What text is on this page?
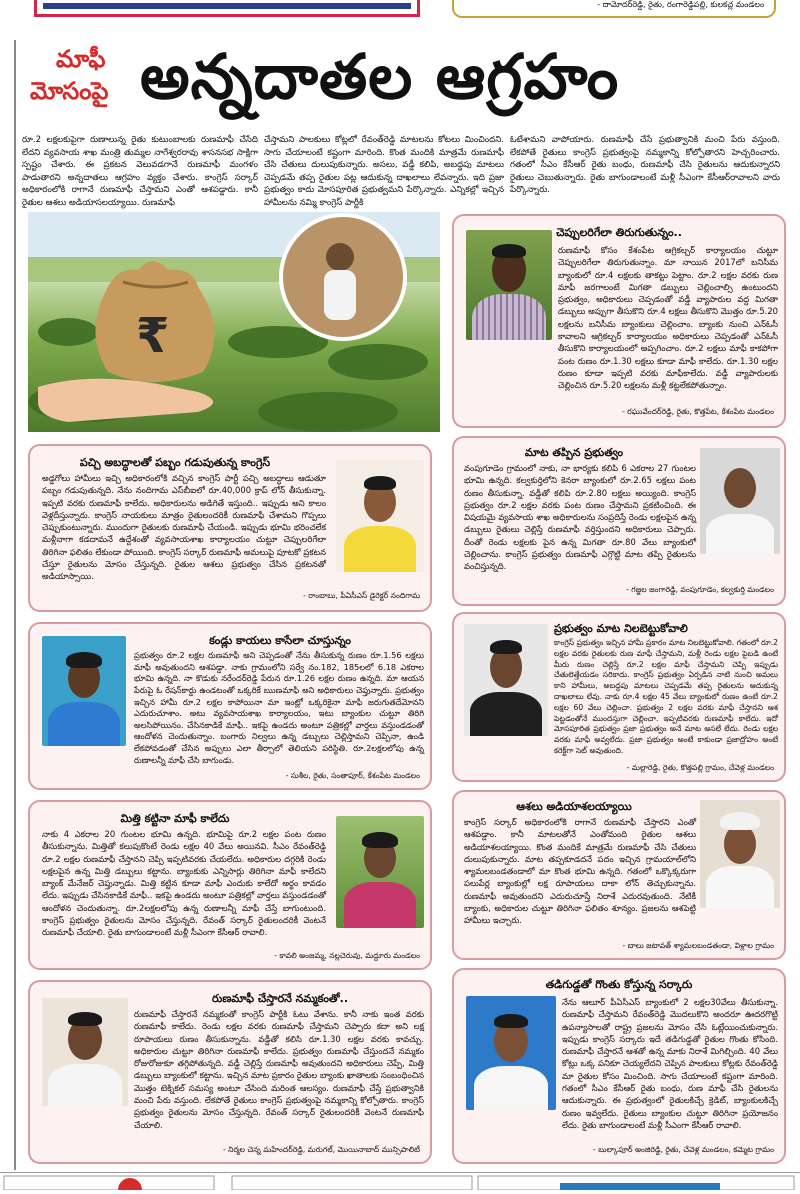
- దామోదర్‌రెడ్డి, రైతు, రంగారెడ్డిపల్లి, కులకచ్ల మండలం
మాఫీ
మోసంపై అన్నదాతల ఆగ్రహం
రూ.2 లక్షలకుపైగా రుణాలున్న రైతు కుటుంబాలకు రుణమాఫీ చేసేది లేదని వ్యవసాయ శాఖ మంత్రి తుమ్మల నాగేశ్వరరావు శాసనసభ సాక్షిగా స్పష్టం చేశారు. ఈ ప్రకటన వెలువడగానే రుణమాఫీ మంగళం పాడుతారని అన్నదాతలు ఆగ్రహం వ్యక్తం చేశారు. కాంగ్రెస్ సర్కార్ అధికారంలోకి రాగానే రుణమాఫీ చేస్తామని ఎంతో ఆశపడ్డారు. కానీ రైతుల ఆశలు అడియాసలయ్యాయి. రుణమాఫీ
చేస్తామని పాలకులు కోట్లలో రేవంత్‌రెడ్డి మాటలను కోటలు మించిందని. సాగు చేయాలంటే కష్టంగా మారింది. కొంత మందికి మాత్రమే రుణమాఫీ చేసి చేతులు దులుపుకున్నారు. అసలు, వడ్డీ కలిపి, అబద్ధపు మాటలు చెప్పడమే తప్ప రైతుల పట్ల ఆదుకున్న దాఖలాలు లేవన్నారు. ఇది ప్రజా ప్రభుత్వం కాదు మోసపూరిత ప్రభుత్వమని పేర్కొన్నారు. ఎన్నికల్లో ఇచ్చిన హామీలను నమ్మి కాంగ్రెస్ పార్టీకి
ఓటేశామని వాపోయారు. రుణమాఫీ చేసే ప్రభుత్వానికి మంచి పేరు వస్తుంది. లేకపోతే రైతులు కాంగ్రెస్ ప్రభుత్వంపై నమ్మకాన్ని కోల్పోతారని హెచ్చరించారు. గతంలో సీఎం కేసీఆర్ రైతు బంధు, రుణమాఫీ చేసి రైతులను ఆదుకున్నారని రైతులు చెబుతున్నారు. రైతు బాగుండాలంటే మళ్లీ సీఎంగా కేసీఆర్‌రావాలని వారు పేర్కొన్నారు.
₹
చెప్పులరిగేలా తిరుగుతున్నం..

రుణమాఫీ కోసం కేశంపేట ఆగ్రికల్చర్ కార్యాలయం చుట్టూ చెప్పులరిగేలా తిరుగుతున్నాం. మా నాయిన 2017లో బనిసీమ బ్యాంకులో రూ.4 లక్షలకు తాకట్టు పెట్టాం. రూ.2 లక్షల వరకు రుణ మాఫీ జరగాలంటే మిగతా డబ్బులు చెల్లించాల్సి ఉంటుందని ప్రభుత్వం, అధికారులు చెప్పడంతో వడ్డీ వ్యాపారుల వద్ద మిగతా డబ్బులు అప్పుగా తీసుకొని రూ.4 లక్షలు తీసుకొని మొత్తం రూ.5.20 లక్షలను బనిసీమ బ్యాంకులు చెల్లించాం. బ్యాంకు నుంచి ఎన్‌ఓసీ కావాలని ఆగ్రికల్చర్ కార్యాలయం అధికారులు చెప్పడంతో ఎన్‌ఓసీ తీసుకొని కార్యాలయంలో అప్పగించాం. రూ.2 లక్షలు మాఫీ కాకపోగా పంట రుణం రూ.1.30 లక్షలు కూడా మాఫీ కాలేదు. రూ.1.30 లక్షల రుణం కూడా ఇప్పటి వరకు మాఫీకాలేదు. వడ్డీ వ్యాపారులకు చెల్లించిన రూ.5.20 లక్షలను మళ్లీ కట్టలేకపోతున్నాం.

- రఘువేందర్‌రెడ్డి, రైతు, కొత్తపేట, కేశంపేట మండలం
పచ్చి అబద్ధాలతో పబ్బం గడుపుతున్న కాంగ్రెస్

అడ్డగోలు హామీలు ఇచ్చి అధికారంలోకి వచ్చిన కాంగ్రెస్ పార్టీ పచ్చి అబద్ధాలు ఆడుతూ పబ్బం గడుపుతున్నది. నేను నందిగామ ఎస్‌బీఐలో రూ.40,000 క్రాప్ లోన్ తీసుకున్నా. ఇప్పటి వరకు రుణమాఫీ కాలేదు. అధికారులను అడిగితే ఇస్తుంది.. ఇప్పుడు అని కాలం వెళ్లదీస్తున్నారు. కాంగ్రెస్ నాయకులు మాత్రం రైతులందరికీ రుణమాఫీ చేశామని గొప్పలు చెప్పుకుంటున్నారు. ముందుగా రైతులకు రుణమాఫీ చేయండి. ఇప్పుడు భూమి భరించలేక మళ్లీనాగా కడదామనే ఉద్దేశంతో వ్యవసాయశాఖ కార్యాలయం చుట్టూ చెప్పులరిగేలా తిరిగినా ఫలితం లేకుండా పోయింది. కాంగ్రెస్ సర్కార్ రుణమాఫీ అమలుపై పూటకో ప్రకటన చేస్తూ రైతులను మోసం చేస్తున్నది. రైతుల ఆశలు ప్రభుత్వం చేసిన ప్రకటనతో అడియాస్సాయి.

- రాంబాబు, పీఏసీఎస్ డైరెక్టర్ నందిగామ
మాట తప్పిన ప్రభుత్వం

వంపుగూడెం గ్రామంలో నాకు, నా భార్యకు కలిపి 6 ఎకరాల 27 గుంటల భూమి ఉన్నది. కల్వకుర్తిలోని కెనరా బ్యాంకులో రూ.2.65 లక్షలు పంట రుణం తీసుకున్నా. వడ్డీతో కలిపి రూ.2.80 లక్షలు అయ్యింది. కాంగ్రెస్ ప్రభుత్వం రూ.2 లక్షల వరకు పంట రుణం చేస్తామని ప్రకటించింది. ఈ విషయమై వ్యవసాయ శాఖ అధికారులను సంప్రదిస్తే రెండు లక్షలపైన ఉన్న డబ్బులు రైతులు చెల్లిస్తే రుణమాఫీ వర్తిస్తుందని అధికారులు చెప్పారు. దీంతో రెండు లక్షలకు పైన ఉన్న మిగతా రూ.80 వేలు బ్యాంకులో చెల్లించాను. కాంగ్రెస్ ప్రభుత్వం రుణమాఫీ ఎగ్గొట్టి మాట తప్పి రైతులను వంచిస్తున్నది.

- గజ్జల జంగారెడ్డి, వంపుగూడెం, కల్వకుర్తి మండలం
కండ్లు కాయలు కాసేలా చూస్తున్నం

ప్రభుత్వం రూ.2 లక్షల రుణమాఫీ అని చెప్పడంతో నేను తీసుకున్న రుణం రూ.1.56 లక్షలు మాఫీ అవుతుందని ఆశపడ్డా. నాకు గ్రామంలోని సర్వే నం.182, 185లలో 6.18 ఎకరాల భూమి ఉన్నది. నా కొడుకు నరేందర్‌రెడ్డి పేరున రూ.1.26 లక్షల రుణం ఉన్నది. మా ఆయన పేరుపై ఓ రేషన్‌కార్డు ఉండటంతో ఒక్కరికే ఋణమాఫీ అని అధికారులు చెప్తున్నారు. ప్రభుత్వం ఇచ్చిన హామీ రూ.2 లక్షల కాపోయినా మా ఇంట్లో ఒక్కరికైనా మాఫీ జరుగుతదేమోనని ఎదురుచూశాం. అటు వ్యవసాయశాఖ కార్యాలయం, ఇటు బ్యాంకుల చుట్టూ తిరిగి అలసిపోయినం. చేసినకాడికే మాఫీ.. ఇకపై ఉండదు అంటూ పత్రికల్లో వార్తలు వస్తుండడంతో ఆందోళన చెందుతున్నాం. బంగారు నిల్వలు ఉన్న డబ్బులు చెల్లిస్తామని చెప్పినా, ఉండి లేకపోవడంతో చేసిన అప్పులు ఎలా తీర్చాలో తెలియని పరిస్థితి. రూ.2లక్షలలోపు ఉన్న రుణాలన్నీ మాఫీ చేసి బాగుండు.

- సుశీల, రైతు, సంతాపూర్, కేశంపేట మండలం
ప్రభుత్వం మాట నిలబెట్టుకోవాలి

కాంగ్రెస్ ప్రభుత్వం ఇచ్చిన హామీ ప్రకారం మాట నిలబెట్టుకోవాలి. గతంలో రూ.2 లక్షల వరకు రైతులకు రుణ మాఫీ చేస్తామని, మళ్లీ రెండు లక్షల పైబడి ఉంటే మీరు రుణం చెల్లిస్తే రూ.2 లక్షల మాఫీ చేస్తామని చెప్పి ఇప్పుడు చేతులెత్తేయడం సరికాదు. కాంగ్రెస్ ప్రభుత్వం ఏర్పడిన నాటి నుంచి అమలు కాని హామీలు, అబద్ధపు మాటలు చెప్పడమే తప్ప రైతులను ఆదుకున్న దాఖలాలు లేవు. నాకు రూ.4 లక్షల 45 వేలు బ్యాంకులో రుణం ఉంటే రూ.2 లక్షల 60 వేలు చెల్లించా. ప్రభుత్వం 2 లక్షల వరకు మాఫీ చేస్తానని ఆశ పెట్టడంతోనే ముందస్తుగా చెల్లించా. ఇప్పటివరకు రుణమాఫీ కాలేదు. ఇదో మోసపూరిత ప్రభుత్వం ప్రజా ప్రభుత్వం అనే మాట అసలే లేదు. రెండు లక్షల వరకు మాఫీ అవ్వలేదు. ప్రజా ప్రభుత్వం అంటే కాకుండా ప్రజాద్రోహం అంటే కరెక్ట్‌గా సెట్ అవుతుంది.

- మల్లారెడ్డి, రైతు, కొత్తపల్లి గ్రామం, చేవెళ్ల మండలం
మిత్తి కట్టినా మాఫీ కాలేదు

నాకు 4 ఎకరాల 20 గుంటల భూమి ఉన్నది. భూమిపై రూ.2 లక్షల పంట రుణం తీసుకున్నాను. మిత్తితో కలుపుకొంటే రెండు లక్షల 40 వేలు అయినవి. సీఎం రేవంత్‌రెడ్డి రూ.2 లక్షల రుణమాఫీ చేస్తానని చెప్పి ఇప్పటివరకు చేయలేదు. అధికారుల దగ్గరికి రెండు లక్షలపైన ఉన్న మిత్తి డబ్బులు కట్టాను. బ్యాంకుకు ఎన్నిసార్లు తిరిగినా మాఫీ కాలేదని బ్యాంక్ మేనేజర్ చెప్తున్నాడు. మిత్తి కట్టిన కూడా మాఫీ ఎందుకు కాలేదో అర్థం కావడం లేదు. ఇప్పుడు చేసినకాడికే మాఫీ.. ఇకపై ఉండదు అంటూ పత్రికల్లో వార్తలు వస్తుండడంతో ఆందోళన చెందుతున్నా. రూ.2లక్షలలోపు ఉన్న రుణాలన్నీ మాఫీ చేస్తే బాగుంటుంది. కాంగ్రెస్ ప్రభుత్వం రైతులను మోసం చేస్తున్నది. రేవంత్ సర్కార్ రైతులందరికీ వెంటనే రుణమాఫీ చేయాలి. రైతు బాగుండాలంటే మళ్లీ సీఎంగా కేసీఆర్ రావాలి.

- కావలి అంజమ్మ, నల్లచెరువు, మద్దూరు మండలం
ఆశలు అడియాశలయ్యాయి

కాంగ్రెస్ సర్కార్ అధికారంలోకి రాగానే రుణమాఫీ చేస్తారని ఎంతో ఆశపడ్డాం. కానీ మాటలతోనే ఎంతోమంది రైతుల ఆశలు అడియాశలయ్యాయి. కొంత మందికే మాత్రమే రుణమాఫీ చేసి చేతులు దులుపుకున్నారు. మాట తప్పకూడదనే పదం ఇచ్చిన గ్రామయాల్‌లోని శ్యామలబండతండాలో మా కొంత భూమి ఉన్నది. గతంలో ఒక్కొక్కరుగా పలుపేర్ల బ్యాంకుల్లో లక్ష రూపాయలు దాకా లోన్ తెచ్చుకున్నాను. రుణమాఫీ అవుతుందని ఎదురుచూస్తే నిరాశే ఎదురవుతుంది. నేటికీ బ్యాంకు, అధికారుల చుట్టూ తిరిగినా ఫలితం శూన్యం. ప్రజలను ఆశపెట్టి హామీలు ఇచ్చారు.

- బాలు జటావత్ శ్యామలబండతండా, విళ్లాల గ్రామం
రుణమాఫీ చేస్తారనే నమ్మకంతో..

రుణమాఫీ చేస్తారనే నమ్మకంతో కాంగ్రెస్ పార్టీకి ఓటు వేశాను. కానీ నాకు ఇంత వరకు రుణమాఫీ కాలేదు. రెండు లక్షల వరకు రుణమాఫీ చేస్తామని చెప్పారు కదా అని లక్ష రూపాయలు రుణం తీసుకున్నాను. వడ్డీతో కలిసి రూ.1.30 లక్షల వరకు కావచ్చు. అధికారుల చుట్టూ తిరిగినా రుణమాఫీ కాలేదు. ప్రభుత్వం రుణమాఫీ చేస్తుందనే నమ్మకం రోజురోజుకూ తగ్గిపోతున్నది. వడ్డీ చెల్లిస్తే రుణమాఫీ అవుతుందని అధికారులు చెప్పే, మిత్తి డబ్బులు బ్యాంకులో కట్టాను. ఇచ్చిన మాట ప్రకారం రైతుల బ్యాంకు ఖాతాలకు సంబంధించిన మొత్తం టెక్నికల్ సమస్య అంటూ చేసింది మరింత ఆలస్యం. రుణమాఫీ చేస్తే ప్రభుత్వానికి మంచి పేరు వస్తుంది. లేకపోతే రైతులు కాంగ్రెస్ ప్రభుత్వంపై నమ్మకాన్ని కోల్పోతారు. కాంగ్రెస్ ప్రభుత్వం రైతులను మోసం చేస్తున్నది. రేవంత్ సర్కార్ రైతులందరికీ వెంటనే రుణమాఫీ చేయాలి.

- నిర్మల చెన్న మహేందర్‌రెడ్డి, మరుగల్, మొయినాబాద్ మున్సిపాలిటీ
తడిగుడ్డతో గొంతు కోస్తున్న సర్కారు

నేను ఆలూర్ పీఏసీఎస్ బ్యాంకులో 2 లక్షల30వేలు తీసుకున్నా. రుణమాఫీ చేస్తామని రేవంత్‌రెడ్డి మొదలుకొని అందరూ ఊదరగొట్టి ఉపన్యాసాలతో రాష్ట్ర ప్రజలను మోసం చేసి ఓట్లేయించుకున్నారు. ఇప్పుడు కాంగ్రెస్ సర్కారు ఇదే తడిగుడ్డతో రైతుల గొంతు కోసింది. రుణమాఫీ చేస్తారనే ఆశతో ఉన్న మాకు నిరాశే మిగిల్చింది. 40 వేలు కోట్లు ఒక్క పనికూ చెయ్యలేదని చెప్పిన పాలకులు కోట్లకు రేవంత్‌రెడ్డి మా రైతుల కోసం మించింది. సాగు చేయాలంటే కష్టంగా మారింది. గతంలో సీఎం కేసీఆర్ రైతు బంధు, రుణ మాఫీ చేసి రైతులను ఆదుకున్నారు. ఈ ప్రభుత్వంలో రైతులకిచ్చే క్రెడిట్, బ్యాంకులకిచ్చే రుణం ఇవ్వలేదు. రైతులు బ్యాంకుల చుట్టూ తిరిగినా ప్రయోజనం లేదు. రైతు బాగుండాలంటే మళ్లీ సీఎంగా కేసీఆర్ రావాలి.

- బుల్కాపూర్ అంజిరెడ్డి, రైతు, చేవెళ్ల మండలం, కమ్మెట గ్రామం
